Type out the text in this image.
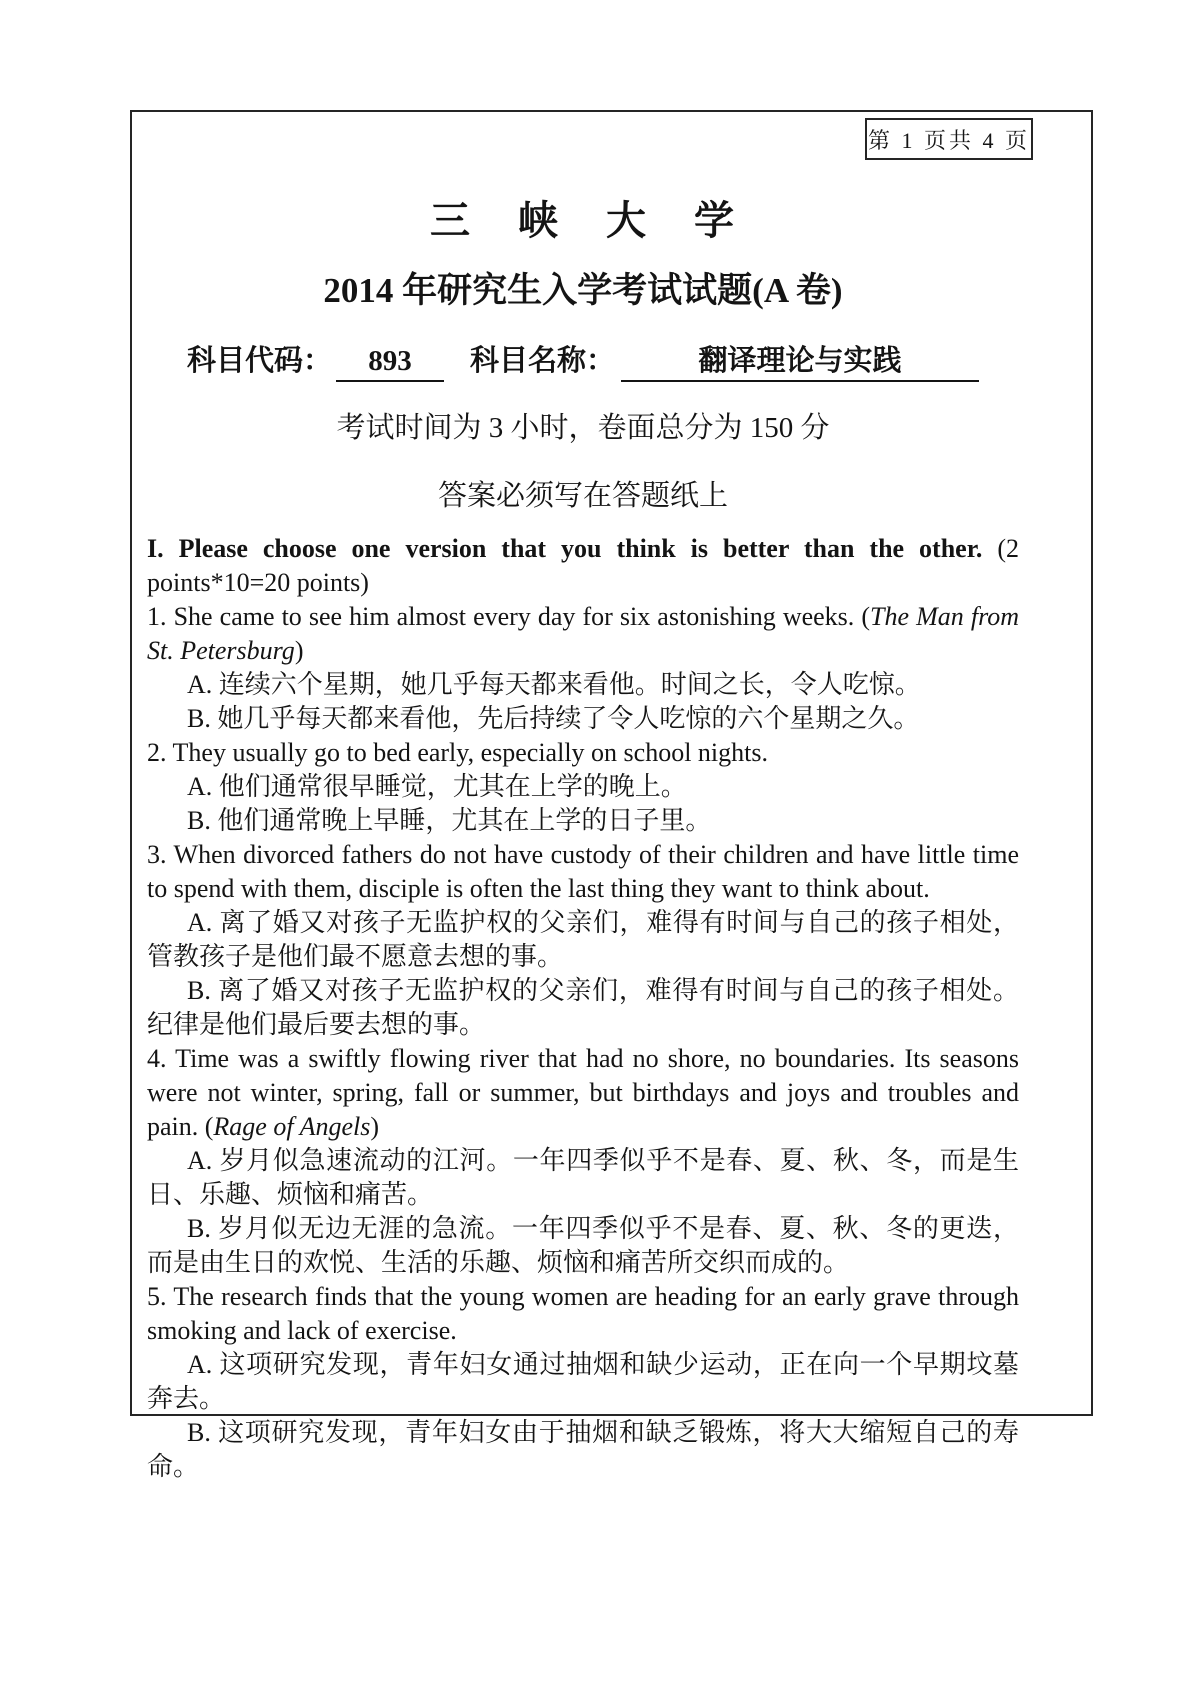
第 1 页共 4 页
三 峡 大 学
2014 年研究生入学考试试题(A 卷)
科目代码： 893 科目名称：	翻译理论与实践
考试时间为 3 小时，卷面总分为 150 分
答案必须写在答题纸上

I. Please choose one version that you think is better than the other. (2 points*10=20 points)

1. She came to see him almost every day for six astonishing weeks. (The Man from St. Petersburg)

A. 连续六个星期，她几乎每天都来看他。时间之长，令人吃惊。

B. 她几乎每天都来看他，先后持续了令人吃惊的六个星期之久。

2. They usually go to bed early, especially on school nights.

A. 他们通常很早睡觉，尤其在上学的晚上。

B. 他们通常晚上早睡，尤其在上学的日子里。

3. When divorced fathers do not have custody of their children and have little time to spend with them, disciple is often the last thing they want to think about.

A. 离了婚又对孩子无监护权的父亲们，难得有时间与自己的孩子相处，管教孩子是他们最不愿意去想的事。

B. 离了婚又对孩子无监护权的父亲们，难得有时间与自己的孩子相处。纪律是他们最后要去想的事。

4. Time was a swiftly flowing river that had no shore, no boundaries. Its seasons were not winter, spring, fall or summer, but birthdays and joys and troubles and pain. (Rage of Angels)

A. 岁月似急速流动的江河。一年四季似乎不是春、夏、秋、冬，而是生日、乐趣、烦恼和痛苦。

B. 岁月似无边无涯的急流。一年四季似乎不是春、夏、秋、冬的更迭，而是由生日的欢悦、生活的乐趣、烦恼和痛苦所交织而成的。

5. The research finds that the young women are heading for an early grave through smoking and lack of exercise.

A. 这项研究发现，青年妇女通过抽烟和缺少运动，正在向一个早期坟墓奔去。

B. 这项研究发现，青年妇女由于抽烟和缺乏锻炼，将大大缩短自己的寿命。
